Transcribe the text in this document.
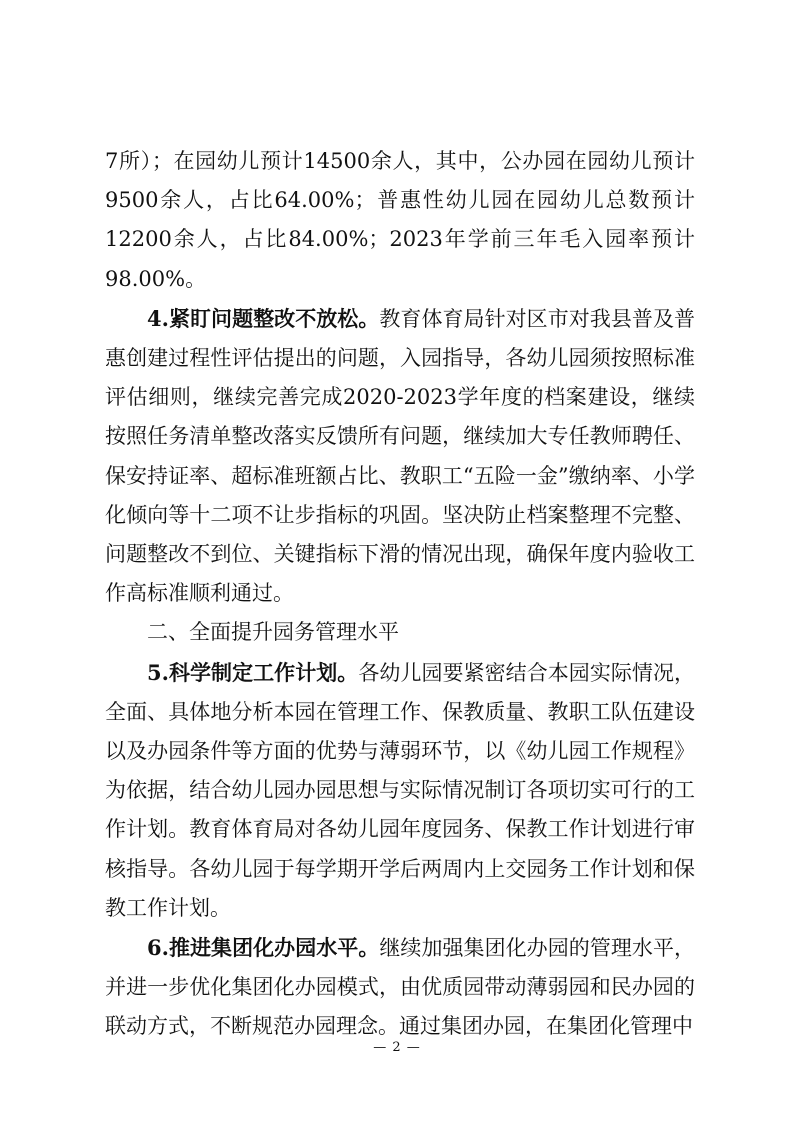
7所）；在园幼儿预计14500余人，其中，公办园在园幼儿预计9500余人，占比64.00%；普惠性幼儿园在园幼儿总数预计12200余人，占比84.00%；2023年学前三年毛入园率预计98.00%。

4.紧盯问题整改不放松。教育体育局针对区市对我县普及普惠创建过程性评估提出的问题，入园指导，各幼儿园须按照标准评估细则，继续完善完成2020-2023学年度的档案建设，继续按照任务清单整改落实反馈所有问题，继续加大专任教师聘任、保安持证率、超标准班额占比、教职工“五险一金”缴纳率、小学化倾向等十二项不让步指标的巩固。坚决防止档案整理不完整、问题整改不到位、关键指标下滑的情况出现，确保年度内验收工作高标准顺利通过。

二、全面提升园务管理水平

5.科学制定工作计划。各幼儿园要紧密结合本园实际情况，全面、具体地分析本园在管理工作、保教质量、教职工队伍建设以及办园条件等方面的优势与薄弱环节，以《幼儿园工作规程》为依据，结合幼儿园办园思想与实际情况制订各项切实可行的工作计划。教育体育局对各幼儿园年度园务、保教工作计划进行审核指导。各幼儿园于每学期开学后两周内上交园务工作计划和保教工作计划。

6.推进集团化办园水平。继续加强集团化办园的管理水平，并进一步优化集团化办园模式，由优质园带动薄弱园和民办园的联动方式，不断规范办园理念。通过集团办园，在集团化管理中

— 2 —
